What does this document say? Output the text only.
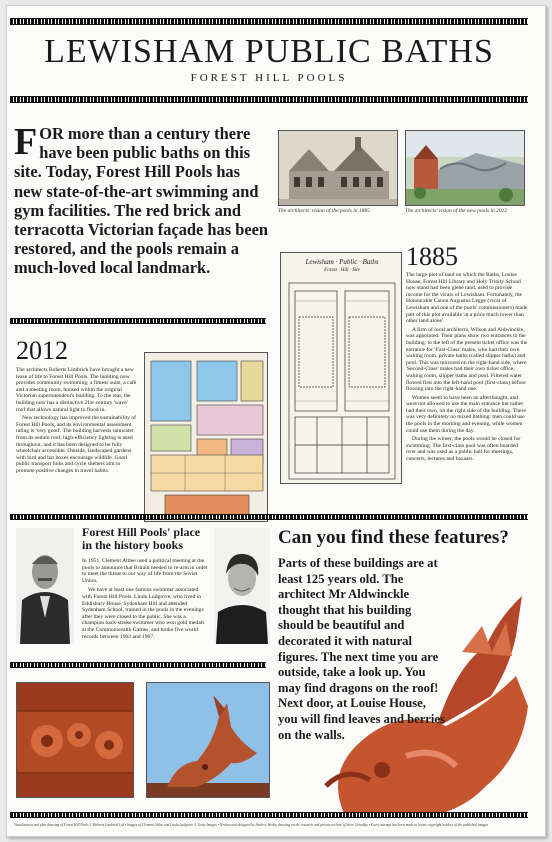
LEWISHAM PUBLIC BATHS
FOREST HILL POOLS
FOR more than a century there have been public baths on this site. Today, Forest Hill Pools has new state-of-the-art swimming and gym facilities. The red brick and terracotta Victorian façade has been restored, and the pools remain a much-loved local landmark.
The architects' vision of the pools in 1885	The architects' vision of the new pools in 2012
2012

The architects Roberts Limbrick have brought a new lease of life to Forest Hill Pools. The building now provides community swimming, a fitness suite, a café and a meeting room, housed within the original Victorian superintendent's building. To the rear, the building now has a distinctive 21st-century 'wave' roof that allows natural light to flood in.

New technology has improved the sustainability of Forest Hill Pools, and its environmental assessment rating is 'very good'. The building harvests rainwater from its sedum roof, high-efficiency lighting is used throughout, and it has been designed to be fully wheelchair accessible. Outside, landscaped gardens with bird and bat boxes encourage wildlife. Good public transport links and cycle shelters aim to promote positive changes in travel habits.

Lewisham · Public · Baths
Forest · Hill · Site	1885

The large plot of land on which the Baths, Louise House, Forest Hill Library and Holy Trinity School now stand had been glebe land, used to provide income for the vicars of Lewisham. Fortunately, the Honourable Canon Augustus Legge (vicar of Lewisham and one of the pools' commissioners) made part of this plot available 'at a price much lower than other land alone'.

A firm of local architects, Wilson and Aldwinckle, was appointed. Their plans show two entrances to the building: to the left of the present ticket office was the entrance for 'First-Class' males, who had their own waiting room, private baths (called slipper baths) and pool. This was mirrored on the right-hand side, where 'Second-Class' males had their own ticket office, waiting room, slipper baths and pool. Filtered water flowed first into the left-hand pool (first-class) before flowing into the right-hand one.

Women seem to have been an afterthought, and were not allowed to use the main entrance but rather had their own, on the right side of the building. There was very definitely no mixed bathing: men could use the pools in the morning and evening, while women could use them during the day.

During the winter, the pools would be closed for swimming. The first-class pool was often boarded over and was used as a public hall for meetings, concerts, lectures and bazaars.

Forest Hill Pools' place in the history books

In 1951, Clement Attlee used a political meeting at the pools to announce that Britain needed to re-arm in order to meet the threat to our way of life from the Soviet Union.

We have at least one famous swimmer associated with Forest Hill Pools. Linda Ludgrove, who lived in Eddisbury House, Sydenham Hill and attended Sydenham School, trained in the pools in the evenings after they were closed to the public. She was a champion back-stroke swimmer who won gold medals at the Commonwealth Games, and broke five world records between 1962 and 1967.

Can you find these features?
Parts of these buildings are at least 125 years old. The architect Mr Aldwinckle thought that his building should be beautiful and decorated it with natural figures. The next time you are outside, take a look up. You may find dragons on the roof! Next door, at Louise House, you will find leaves and berries on the walls.
Visualisation and plan drawing of Forest Hill Pools © Roberts Limbrick Ltd • Images of Clement Attlee and Linda Ludgrove © Getty Images • Written and designed by Andrew Weeks, drawing on the research and private archive of Steve Grindlay • Every attempt has been made to locate copyright holders of the published images
